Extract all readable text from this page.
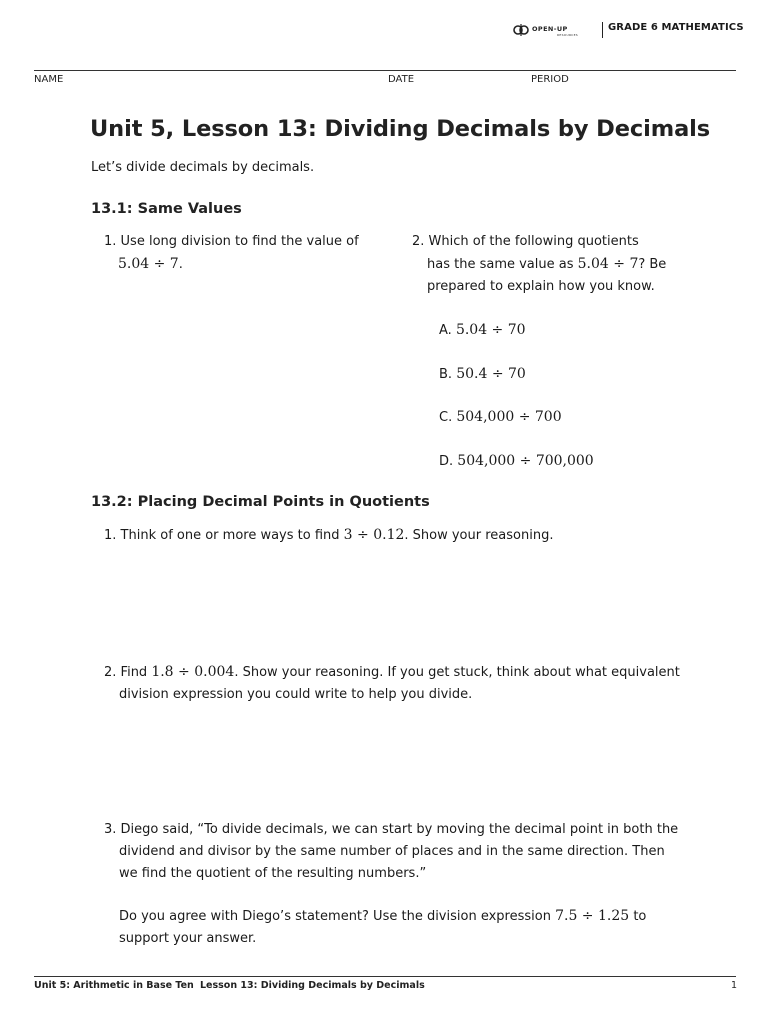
OPEN-UP
RESOURCES
GRADE 6 MATHEMATICS
NAME	DATE	PERIOD
Unit 5, Lesson 13: Dividing Decimals by Decimals
Let’s divide decimals by decimals.
13.1: Same Values
1. Use long division to find the value of
5.04 ÷ 7.
2. Which of the following quotients
has the same value as 5.04 ÷ 7? Be
prepared to explain how you know.
A. 5.04 ÷ 70
B. 50.4 ÷ 70
C. 504,000 ÷ 700
D. 504,000 ÷ 700,000
13.2: Placing Decimal Points in Quotients
1. Think of one or more ways to find 3 ÷ 0.12. Show your reasoning.
2. Find 1.8 ÷ 0.004. Show your reasoning. If you get stuck, think about what equivalent
division expression you could write to help you divide.
3. Diego said, “To divide decimals, we can start by moving the decimal point in both the
dividend and divisor by the same number of places and in the same direction. Then
we find the quotient of the resulting numbers.”
Do you agree with Diego’s statement? Use the division expression 7.5 ÷ 1.25 to
support your answer.
Unit 5: Arithmetic in Base Ten Lesson 13: Dividing Decimals by Decimals	1
